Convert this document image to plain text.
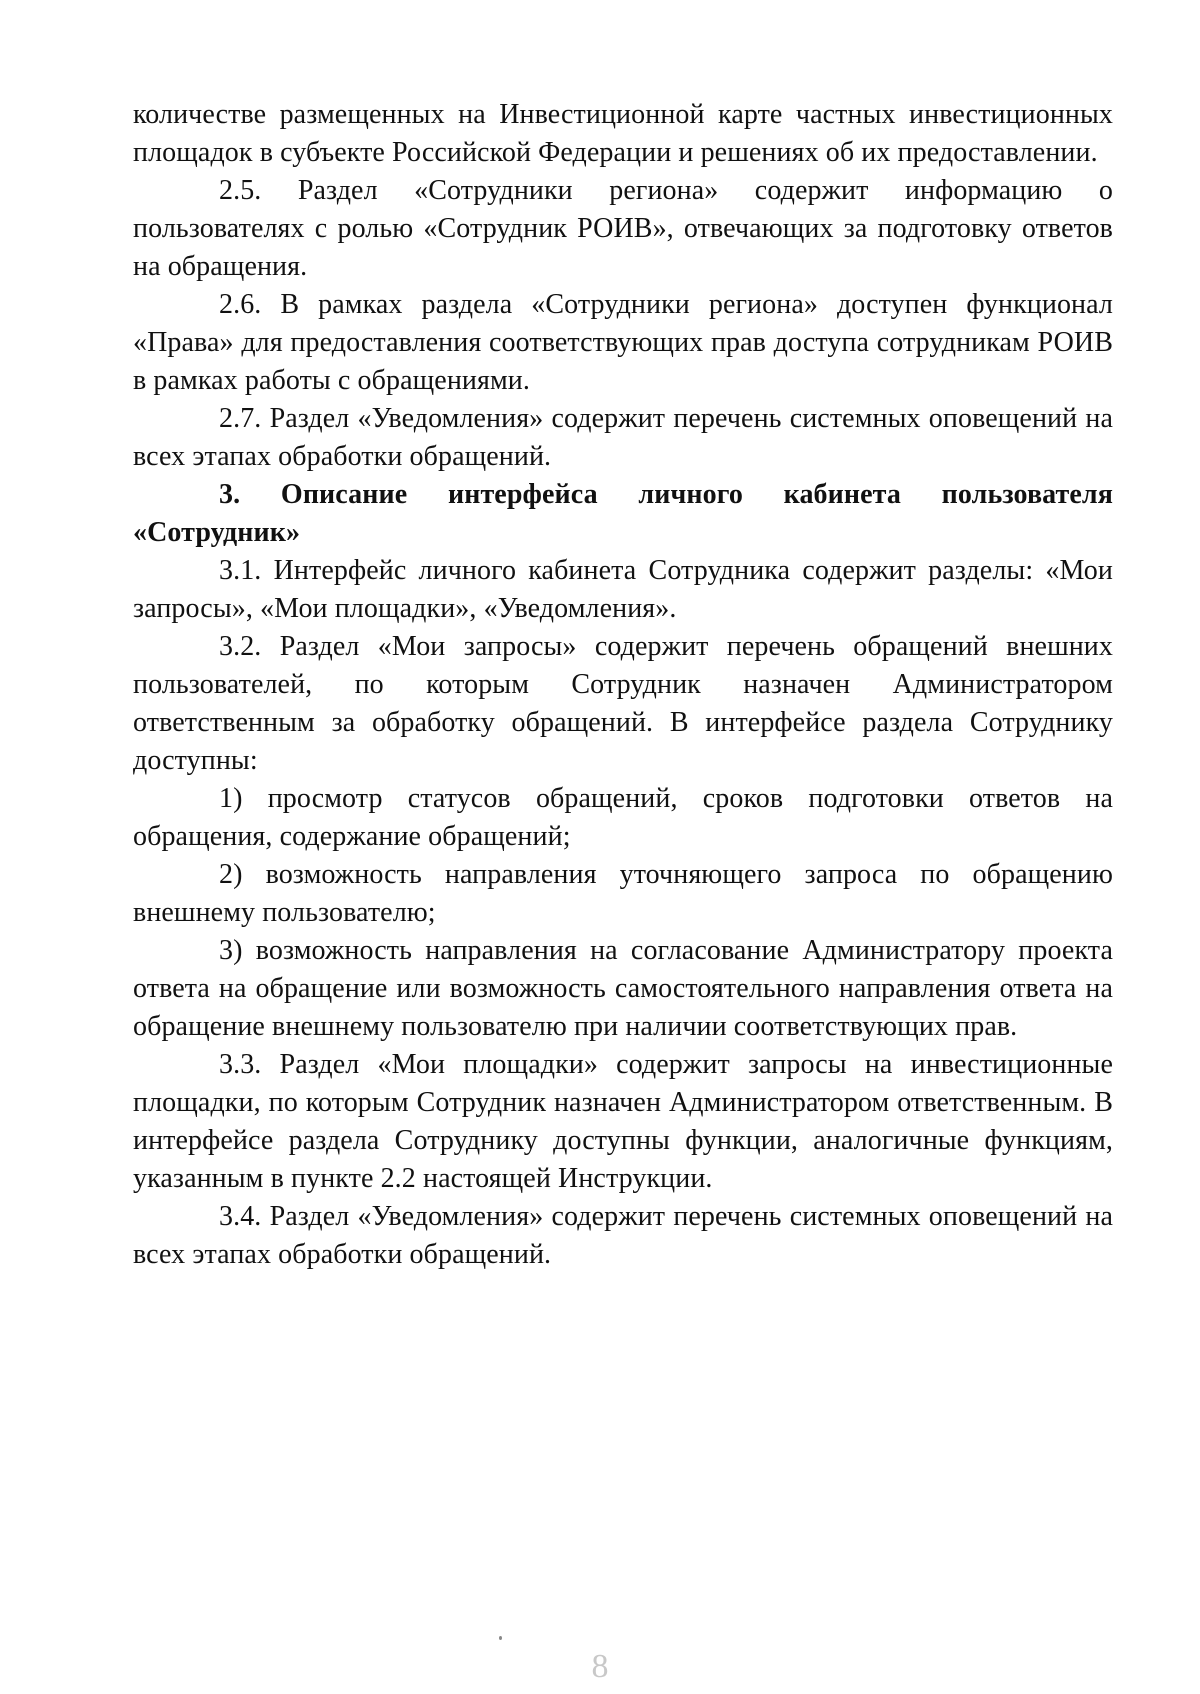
количестве размещенных на Инвестиционной карте частных инвестиционных площадок в субъекте Российской Федерации и решениях об их предоставлении.

2.5. Раздел «Сотрудники региона» содержит информацию о пользователях с ролью «Сотрудник РОИВ», отвечающих за подготовку ответов на обращения.

2.6. В рамках раздела «Сотрудники региона» доступен функционал «Права» для предоставления соответствующих прав доступа сотрудникам РОИВ в рамках работы с обращениями.

2.7. Раздел «Уведомления» содержит перечень системных оповещений на всех этапах обработки обращений.

3. Описание интерфейса личного кабинета пользователя «Сотрудник»

3.1. Интерфейс личного кабинета Сотрудника содержит разделы: «Мои запросы», «Мои площадки», «Уведомления».

3.2. Раздел «Мои запросы» содержит перечень обращений внешних пользователей, по которым Сотрудник назначен Администратором ответственным за обработку обращений. В интерфейсе раздела Сотруднику доступны:

1) просмотр статусов обращений, сроков подготовки ответов на обращения, содержание обращений;

2) возможность направления уточняющего запроса по обращению внешнему пользователю;

3) возможность направления на согласование Администратору проекта ответа на обращение или возможность самостоятельного направления ответа на обращение внешнему пользователю при наличии соответствующих прав.

3.3. Раздел «Мои площадки» содержит запросы на инвестиционные площадки, по которым Сотрудник назначен Администратором ответственным. В интерфейсе раздела Сотруднику доступны функции, аналогичные функциям, указанным в пункте 2.2 настоящей Инструкции.

3.4. Раздел «Уведомления» содержит перечень системных оповещений на всех этапах обработки обращений.

8
